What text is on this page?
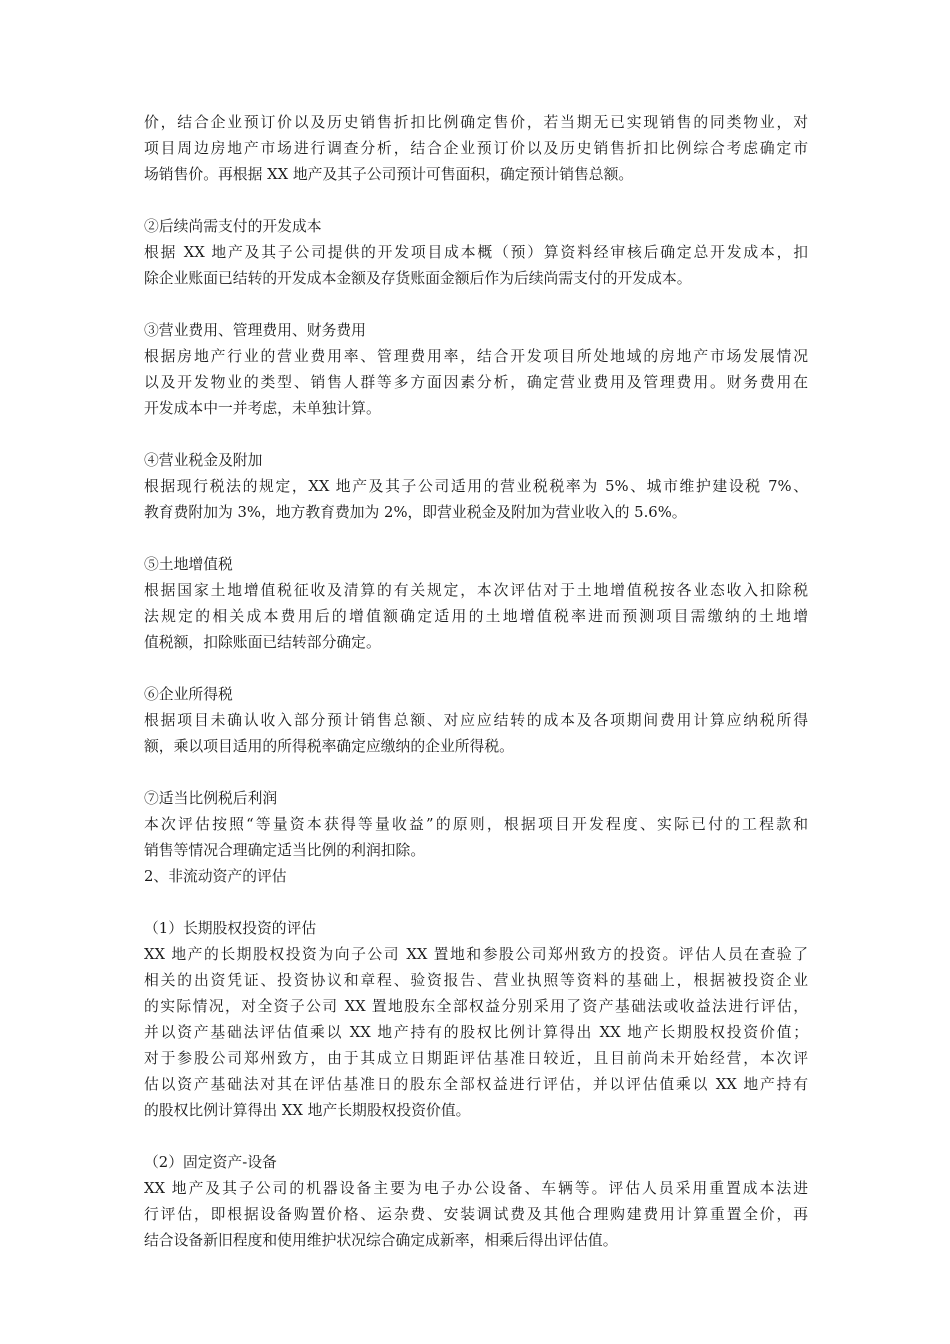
价，结合企业预订价以及历史销售折扣比例确定售价，若当期无已实现销售的同类物业，对
项目周边房地产市场进行调查分析，结合企业预订价以及历史销售折扣比例综合考虑确定市
场销售价。再根据 XX 地产及其子公司预计可售面积，确定预计销售总额。
②后续尚需支付的开发成本
根据 XX 地产及其子公司提供的开发项目成本概（预）算资料经审核后确定总开发成本，扣
除企业账面已结转的开发成本金额及存货账面金额后作为后续尚需支付的开发成本。
③营业费用、管理费用、财务费用
根据房地产行业的营业费用率、管理费用率，结合开发项目所处地域的房地产市场发展情况
以及开发物业的类型、销售人群等多方面因素分析，确定营业费用及管理费用。财务费用在
开发成本中一并考虑，未单独计算。
④营业税金及附加
根据现行税法的规定，XX 地产及其子公司适用的营业税税率为 5%、城市维护建设税 7%、
教育费附加为 3%，地方教育费加为 2%，即营业税金及附加为营业收入的 5.6%。
⑤土地增值税
根据国家土地增值税征收及清算的有关规定，本次评估对于土地增值税按各业态收入扣除税
法规定的相关成本费用后的增值额确定适用的土地增值税率进而预测项目需缴纳的土地增
值税额，扣除账面已结转部分确定。
⑥企业所得税
根据项目未确认收入部分预计销售总额、对应应结转的成本及各项期间费用计算应纳税所得
额，乘以项目适用的所得税率确定应缴纳的企业所得税。
⑦适当比例税后利润
本次评估按照“等量资本获得等量收益”的原则，根据项目开发程度、实际已付的工程款和
销售等情况合理确定适当比例的利润扣除。
2、非流动资产的评估
（1）长期股权投资的评估
XX 地产的长期股权投资为向子公司 XX 置地和参股公司郑州致方的投资。评估人员在查验了
相关的出资凭证、投资协议和章程、验资报告、营业执照等资料的基础上，根据被投资企业
的实际情况，对全资子公司 XX 置地股东全部权益分别采用了资产基础法或收益法进行评估，
并以资产基础法评估值乘以 XX 地产持有的股权比例计算得出 XX 地产长期股权投资价值；
对于参股公司郑州致方，由于其成立日期距评估基准日较近，且目前尚未开始经营，本次评
估以资产基础法对其在评估基准日的股东全部权益进行评估，并以评估值乘以 XX 地产持有
的股权比例计算得出 XX 地产长期股权投资价值。
（2）固定资产-设备
XX 地产及其子公司的机器设备主要为电子办公设备、车辆等。评估人员采用重置成本法进
行评估，即根据设备购置价格、运杂费、安装调试费及其他合理购建费用计算重置全价，再
结合设备新旧程度和使用维护状况综合确定成新率，相乘后得出评估值。
